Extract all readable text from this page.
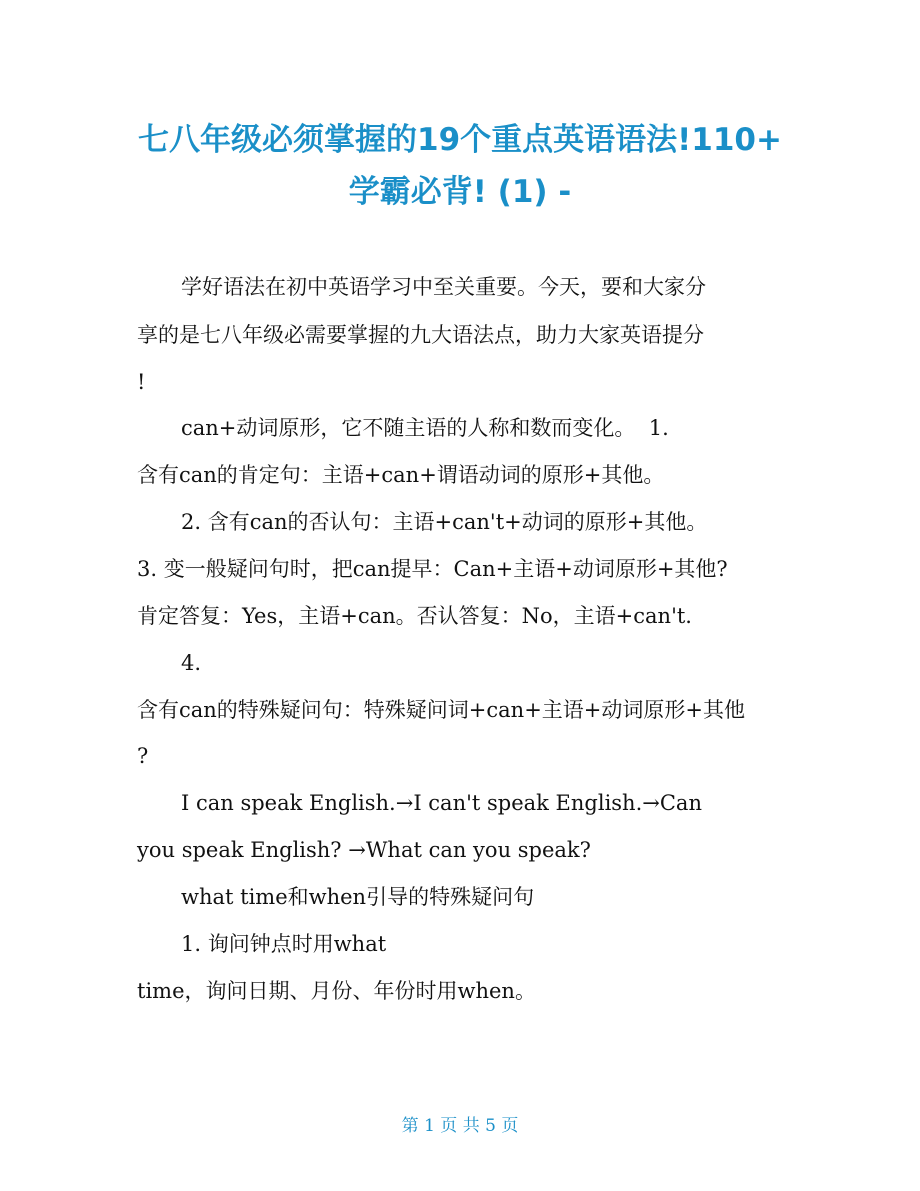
七八年级必须掌握的19个重点英语语法!110+
学霸必背! (1) -

学好语法在初中英语学习中至关重要。今天，要和大家分

享的是七八年级必需要掌握的九大语法点，助力大家英语提分

!

can+动词原形，它不随主语的人称和数而变化。  1.

含有can的肯定句：主语+can+谓语动词的原形+其他。

2. 含有can的否认句：主语+can't+动词的原形+其他。

3. 变一般疑问句时，把can提早：Can+主语+动词原形+其他?

肯定答复：Yes，主语+can。否认答复：No，主语+can't.

4.

含有can的特殊疑问句：特殊疑问词+can+主语+动词原形+其他

?

I can speak English.→I can't speak English.→Can

you speak English? →What can you speak?

what time和when引导的特殊疑问句

1. 询问钟点时用what

time，询问日期、月份、年份时用when。

第 1 页 共 5 页
